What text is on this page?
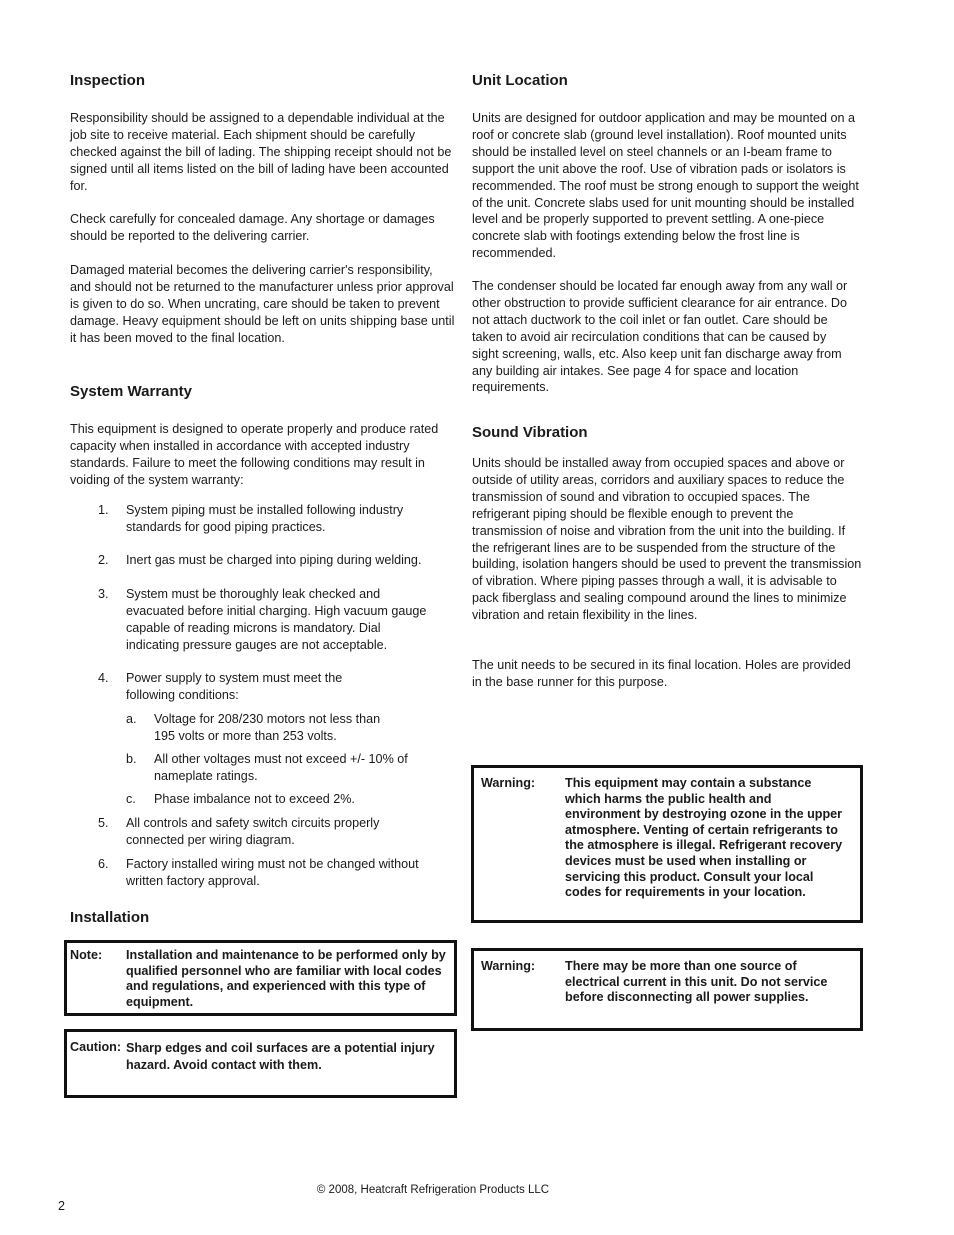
Inspection

Responsibility should be assigned to a dependable individual at the job site to receive material. Each shipment should be carefully checked against the bill of lading. The shipping receipt should not be signed until all items listed on the bill of lading have been accounted for.

Check carefully for concealed damage. Any shortage or damages should be reported to the delivering carrier.

Damaged material becomes the delivering carrier's responsibility, and should not be returned to the manufacturer unless prior approval is given to do so. When uncrating, care should be taken to prevent damage. Heavy equipment should be left on units shipping base until it has been moved to the final location.

System Warranty

This equipment is designed to operate properly and produce rated capacity when installed in accordance with accepted industry standards. Failure to meet the following conditions may result in voiding of the system warranty:

1. System piping must be installed following industry standards for good piping practices.
2. Inert gas must be charged into piping during welding.
3. System must be thoroughly leak checked and evacuated before initial charging. High vacuum gauge capable of reading microns is mandatory. Dial indicating pressure gauges are not acceptable.
4. Power supply to system must meet the following conditions:
a. Voltage for 208/230 motors not less than 195 volts or more than 253 volts.
b. All other voltages must not exceed +/- 10% of nameplate ratings.
c. Phase imbalance not to exceed 2%.
5. All controls and safety switch circuits properly connected per wiring diagram.
6. Factory installed wiring must not be changed without written factory approval.
Installation
Note: Installation and maintenance to be performed only by qualified personnel who are familiar with local codes and regulations, and experienced with this type of equipment.
Caution: Sharp edges and coil surfaces are a potential injury hazard. Avoid contact with them.
Unit Location

Units are designed for outdoor application and may be mounted on a roof or concrete slab (ground level installation). Roof mounted units should be installed level on steel channels or an I-beam frame to support the unit above the roof. Use of vibration pads or isolators is recommended. The roof must be strong enough to support the weight of the unit. Concrete slabs used for unit mounting should be installed level and be properly supported to prevent settling. A one-piece concrete slab with footings extending below the frost line is recommended.

The condenser should be located far enough away from any wall or other obstruction to provide sufficient clearance for air entrance. Do not attach ductwork to the coil inlet or fan outlet. Care should be taken to avoid air recirculation conditions that can be caused by sight screening, walls, etc. Also keep unit fan discharge away from any building air intakes. See page 4 for space and location requirements.

Sound Vibration

Units should be installed away from occupied spaces and above or outside of utility areas, corridors and auxiliary spaces to reduce the transmission of sound and vibration to occupied spaces. The refrigerant piping should be flexible enough to prevent the transmission of noise and vibration from the unit into the building. If the refrigerant lines are to be suspended from the structure of the building, isolation hangers should be used to prevent the transmission of vibration. Where piping passes through a wall, it is advisable to pack fiberglass and sealing compound around the lines to minimize vibration and retain flexibility in the lines.

The unit needs to be secured in its final location. Holes are provided in the base runner for this purpose.

Warning: This equipment may contain a substance which harms the public health and environment by destroying ozone in the upper atmosphere. Venting of certain refrigerants to the atmosphere is illegal. Refrigerant recovery devices must be used when installing or servicing this product. Consult your local codes for requirements in your location.
Warning: There may be more than one source of electrical current in this unit. Do not service before disconnecting all power supplies.
© 2008, Heatcraft Refrigeration Products LLC
2
